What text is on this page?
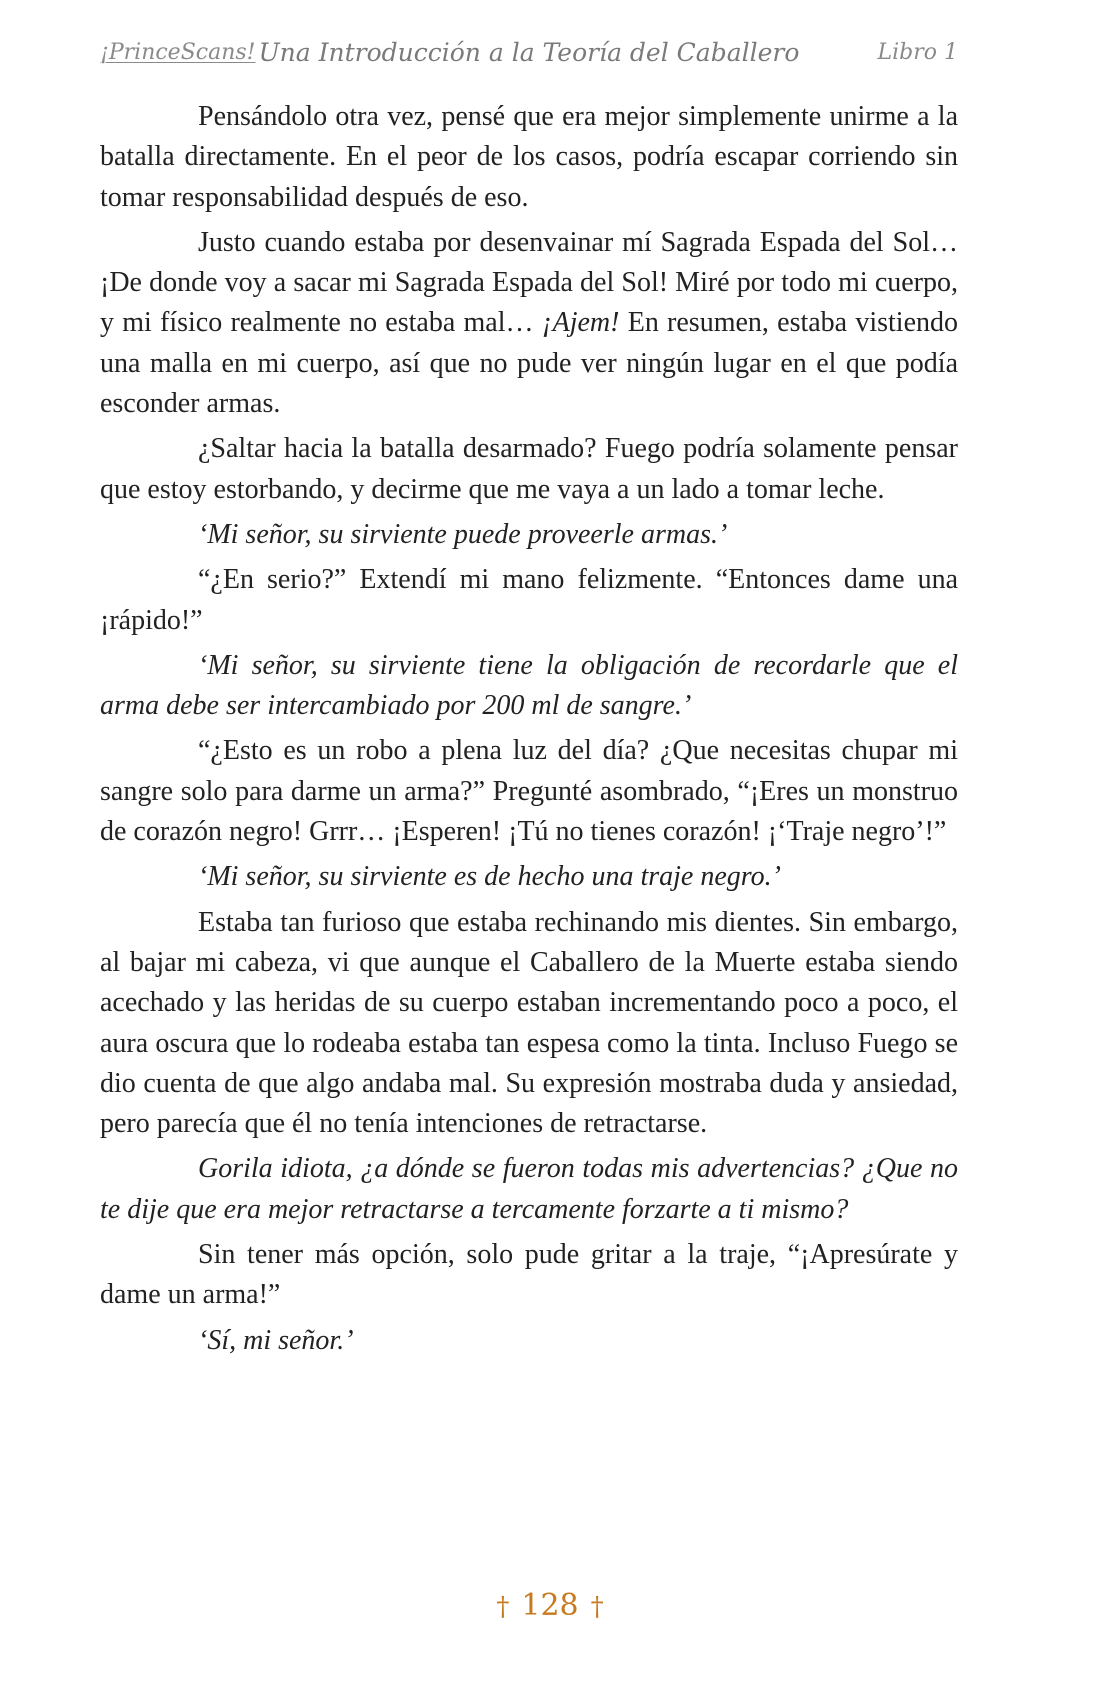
¡PrinceScans! Una Introducción a la Teoría del Caballero	Libro 1

Pensándolo otra vez, pensé que era mejor simplemente unirme a la batalla directamente. En el peor de los casos, podría escapar corriendo sin tomar responsabilidad después de eso.

Justo cuando estaba por desenvainar mí Sagrada Espada del Sol… ¡De donde voy a sacar mi Sagrada Espada del Sol! Miré por todo mi cuerpo, y mi físico realmente no estaba mal… ¡Ajem! En resumen, estaba vistiendo una malla en mi cuerpo, así que no pude ver ningún lugar en el que podía esconder armas.

¿Saltar hacia la batalla desarmado? Fuego podría solamente pensar que estoy estorbando, y decirme que me vaya a un lado a tomar leche.

‘Mi señor, su sirviente puede proveerle armas.’

“¿En serio?” Extendí mi mano felizmente. “Entonces dame una ¡rápido!”

‘Mi señor, su sirviente tiene la obligación de recordarle que el arma debe ser intercambiado por 200 ml de sangre.’

“¿Esto es un robo a plena luz del día? ¿Que necesitas chupar mi sangre solo para darme un arma?” Pregunté asombrado, “¡Eres un monstruo de corazón negro! Grrr… ¡Esperen! ¡Tú no tienes corazón! ¡‘Traje negro’!”

‘Mi señor, su sirviente es de hecho una traje negro.’

Estaba tan furioso que estaba rechinando mis dientes. Sin embargo, al bajar mi cabeza, vi que aunque el Caballero de la Muerte estaba siendo acechado y las heridas de su cuerpo estaban incrementando poco a poco, el aura oscura que lo rodeaba estaba tan espesa como la tinta. Incluso Fuego se dio cuenta de que algo andaba mal. Su expresión mostraba duda y ansiedad, pero parecía que él no tenía intenciones de retractarse.

Gorila idiota, ¿a dónde se fueron todas mis advertencias? ¿Que no te dije que era mejor retractarse a tercamente forzarte a ti mismo?

Sin tener más opción, solo pude gritar a la traje, “¡Apresúrate y dame un arma!”

‘Sí, mi señor.’

† 128 †
